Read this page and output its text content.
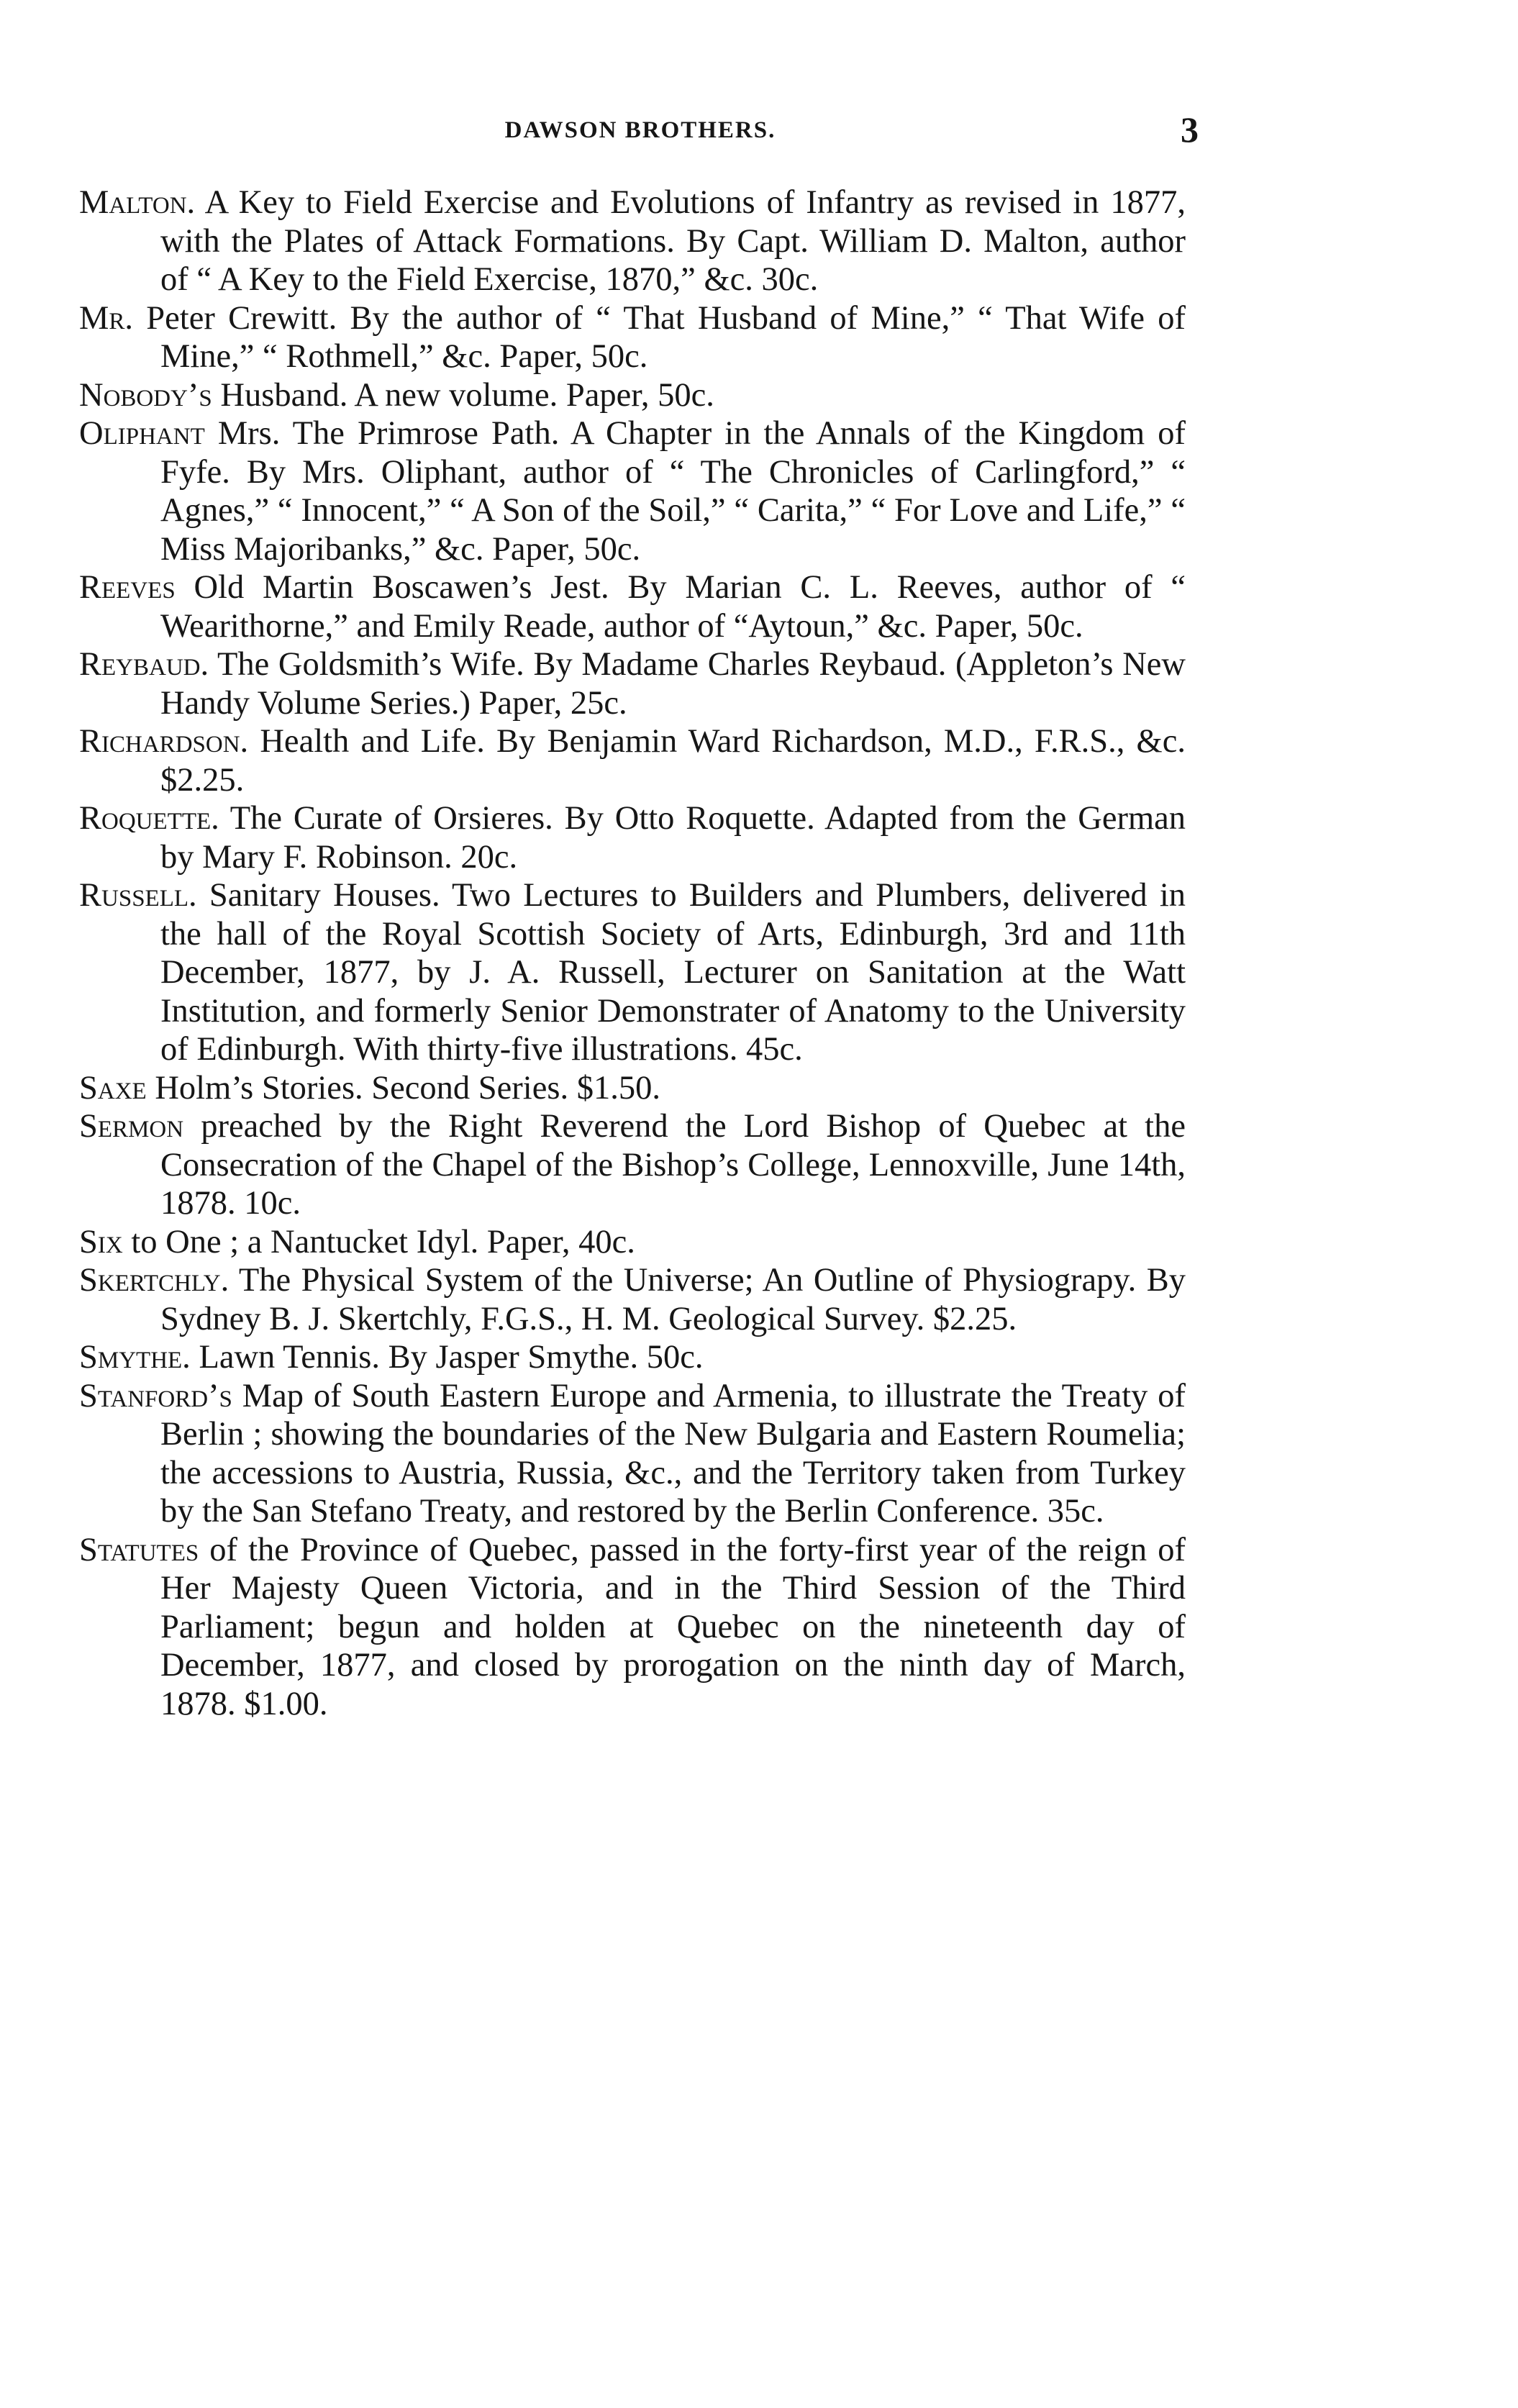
DAWSON BROTHERS.	3

Malton. A Key to Field Exercise and Evolutions of Infantry as revised in 1877, with the Plates of Attack Formations. By Capt. William D. Malton, author of “ A Key to the Field Exercise, 1870,” &c. 30c.

Mr. Peter Crewitt. By the author of “ That Husband of Mine,” “ That Wife of Mine,” “ Rothmell,” &c. Paper, 50c.

Nobody’s Husband. A new volume. Paper, 50c.

Oliphant Mrs. The Primrose Path. A Chapter in the Annals of the Kingdom of Fyfe. By Mrs. Oliphant, author of “ The Chronicles of Carlingford,” “ Agnes,” “ Innocent,” “ A Son of the Soil,” “ Carita,” “ For Love and Life,” “ Miss Majoribanks,” &c. Paper, 50c.

Reeves Old Martin Boscawen’s Jest. By Marian C. L. Reeves, author of “ Wearithorne,” and Emily Reade, author of “Aytoun,” &c. Paper, 50c.

Reybaud. The Goldsmith’s Wife. By Madame Charles Reybaud. (Appleton’s New Handy Volume Series.) Paper, 25c.

Richardson. Health and Life. By Benjamin Ward Richardson, M.D., F.R.S., &c. $2.25.

Roquette. The Curate of Orsieres. By Otto Roquette. Adapted from the German by Mary F. Robinson. 20c.

Russell. Sanitary Houses. Two Lectures to Builders and Plumbers, delivered in the hall of the Royal Scottish Society of Arts, Edinburgh, 3rd and 11th December, 1877, by J. A. Russell, Lecturer on Sanitation at the Watt Institution, and formerly Senior Demonstrater of Anatomy to the University of Edinburgh. With thirty-five illustrations. 45c.

Saxe Holm’s Stories. Second Series. $1.50.

Sermon preached by the Right Reverend the Lord Bishop of Quebec at the Consecration of the Chapel of the Bishop’s College, Lennoxville, June 14th, 1878. 10c.

Six to One ; a Nantucket Idyl. Paper, 40c.

Skertchly. The Physical System of the Universe; An Outline of Physiograpy. By Sydney B. J. Skertchly, F.G.S., H. M. Geological Survey. $2.25.

Smythe. Lawn Tennis. By Jasper Smythe. 50c.

Stanford’s Map of South Eastern Europe and Armenia, to illustrate the Treaty of Berlin ; showing the boundaries of the New Bulgaria and Eastern Roumelia; the accessions to Austria, Russia, &c., and the Territory taken from Turkey by the San Stefano Treaty, and restored by the Berlin Conference. 35c.

Statutes of the Province of Quebec, passed in the forty-first year of the reign of Her Majesty Queen Victoria, and in the Third Session of the Third Parliament; begun and holden at Quebec on the nineteenth day of December, 1877, and closed by prorogation on the ninth day of March, 1878. $1.00.
